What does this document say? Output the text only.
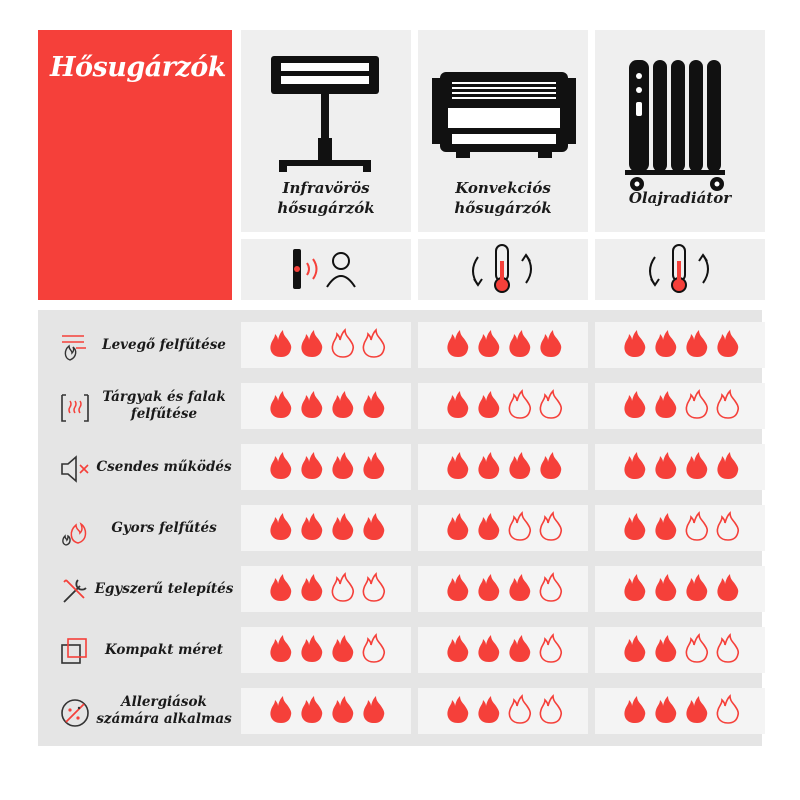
Hősugárzók
Infravörös hősugárzók
Konvekciós hősugárzók
Olajradiátor
Levegő felfűtése
Tárgyak és falak felfűtése
Csendes működés
Gyors felfűtés
Egyszerű telepítés
Kompakt méret
Allergiások számára alkalmas
